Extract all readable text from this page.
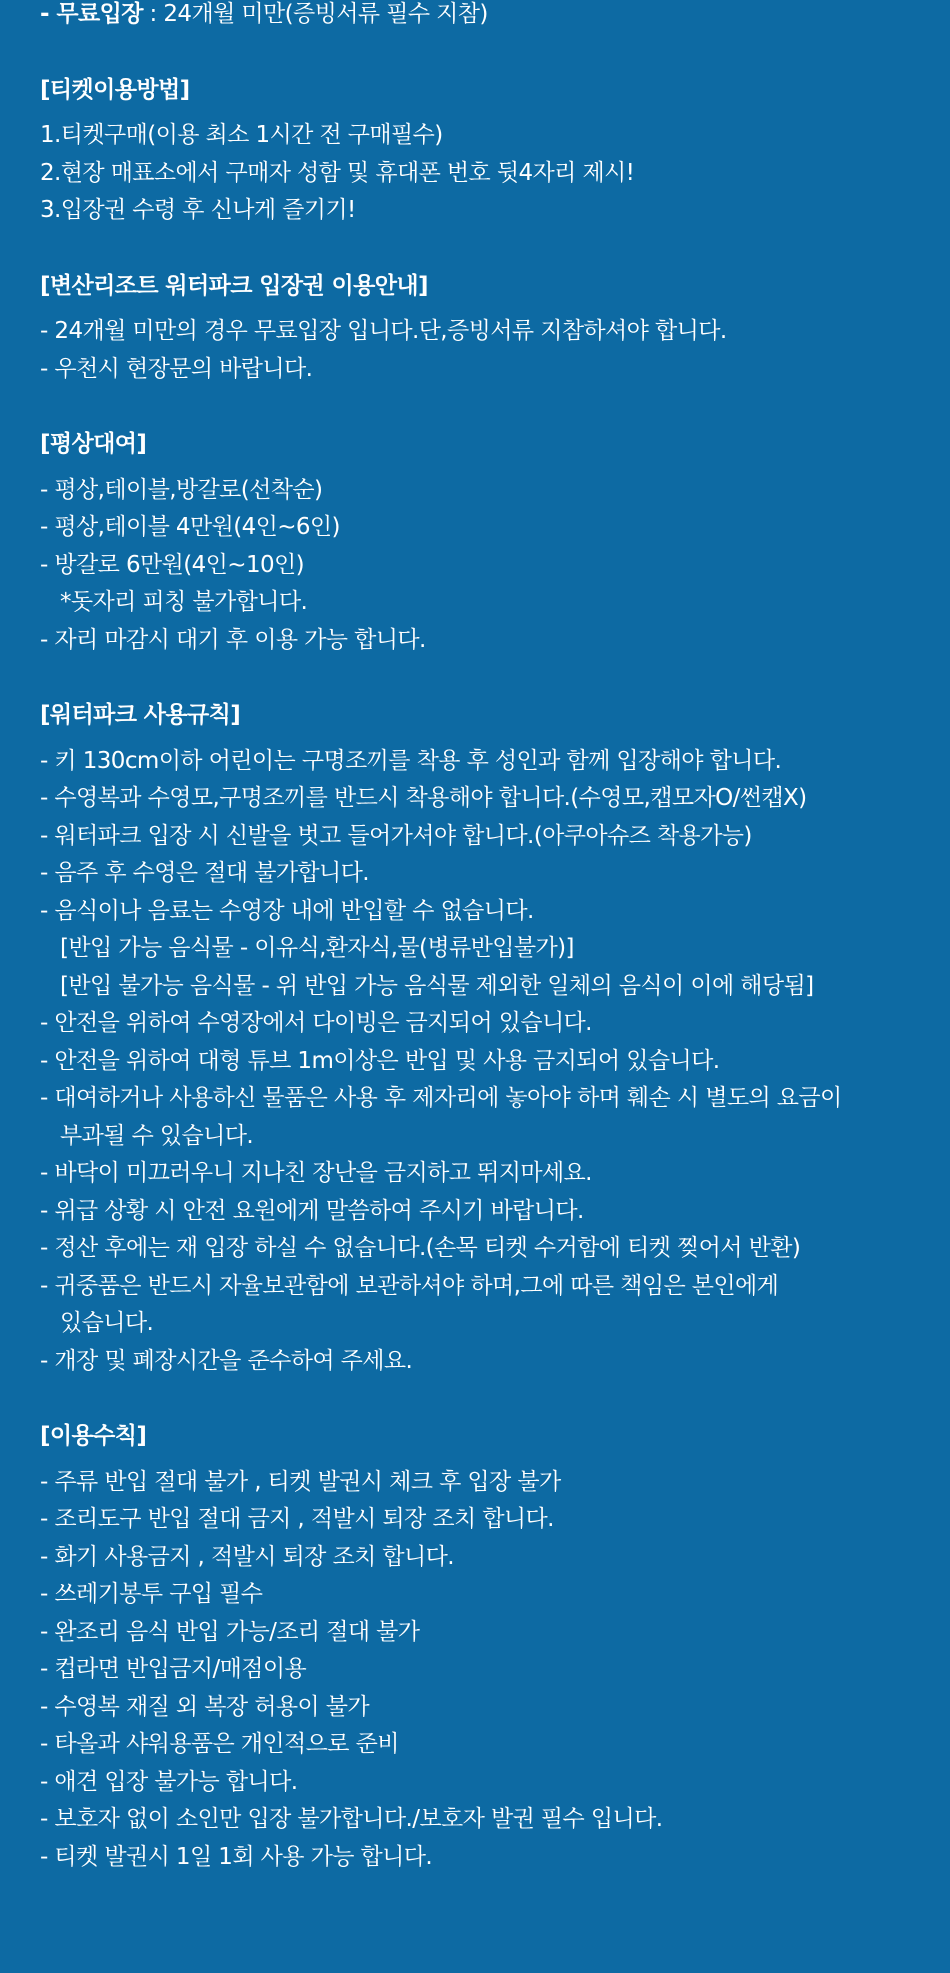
- 무료입장 : 24개월 미만(증빙서류 필수 지참)
[티켓이용방법]
1.티켓구매(이용 최소 1시간 전 구매필수)
2.현장 매표소에서 구매자 성함 및 휴대폰 번호 뒷4자리 제시!
3.입장권 수령 후 신나게 즐기기!
[변산리조트 워터파크 입장권 이용안내]
- 24개월 미만의 경우 무료입장 입니다.단,증빙서류 지참하셔야 합니다.
- 우천시 현장문의 바랍니다.
[평상대여]
- 평상,테이블,방갈로(선착순)
- 평상,테이블 4만원(4인~6인)
- 방갈로 6만원(4인~10인)
*돗자리 피칭 불가합니다.
- 자리 마감시 대기 후 이용 가능 합니다.
[워터파크 사용규칙]
- 키 130cm이하 어린이는 구명조끼를 착용 후 성인과 함께 입장해야 합니다.
- 수영복과 수영모,구명조끼를 반드시 착용해야 합니다.(수영모,캡모자O/썬캡X)
- 워터파크 입장 시 신발을 벗고 들어가셔야 합니다.(아쿠아슈즈 착용가능)
- 음주 후 수영은 절대 불가합니다.
- 음식이나 음료는 수영장 내에 반입할 수 없습니다.
[반입 가능 음식물 - 이유식,환자식,물(병류반입불가)]
[반입 불가능 음식물 - 위 반입 가능 음식물 제외한 일체의 음식이 이에 해당됨]
- 안전을 위하여 수영장에서 다이빙은 금지되어 있습니다.
- 안전을 위하여 대형 튜브 1m이상은 반입 및 사용 금지되어 있습니다.
- 대여하거나 사용하신 물품은 사용 후 제자리에 놓아야 하며 훼손 시 별도의 요금이
부과될 수 있습니다.
- 바닥이 미끄러우니 지나친 장난을 금지하고 뛰지마세요.
- 위급 상황 시 안전 요원에게 말씀하여 주시기 바랍니다.
- 정산 후에는 재 입장 하실 수 없습니다.(손목 티켓 수거함에 티켓 찢어서 반환)
- 귀중품은 반드시 자율보관함에 보관하셔야 하며,그에 따른 책임은 본인에게
있습니다.
- 개장 및 폐장시간을 준수하여 주세요.
[이용수칙]
- 주류 반입 절대 불가 , 티켓 발권시 체크 후 입장 불가
- 조리도구 반입 절대 금지 , 적발시 퇴장 조치 합니다.
- 화기 사용금지 , 적발시 퇴장 조치 합니다.
- 쓰레기봉투 구입 필수
- 완조리 음식 반입 가능/조리 절대 불가
- 컵라면 반입금지/매점이용
- 수영복 재질 외 복장 허용이 불가
- 타올과 샤워용품은 개인적으로 준비
- 애견 입장 불가능 합니다.
- 보호자 없이 소인만 입장 불가합니다./보호자 발권 필수 입니다.
- 티켓 발권시 1일 1회 사용 가능 합니다.
